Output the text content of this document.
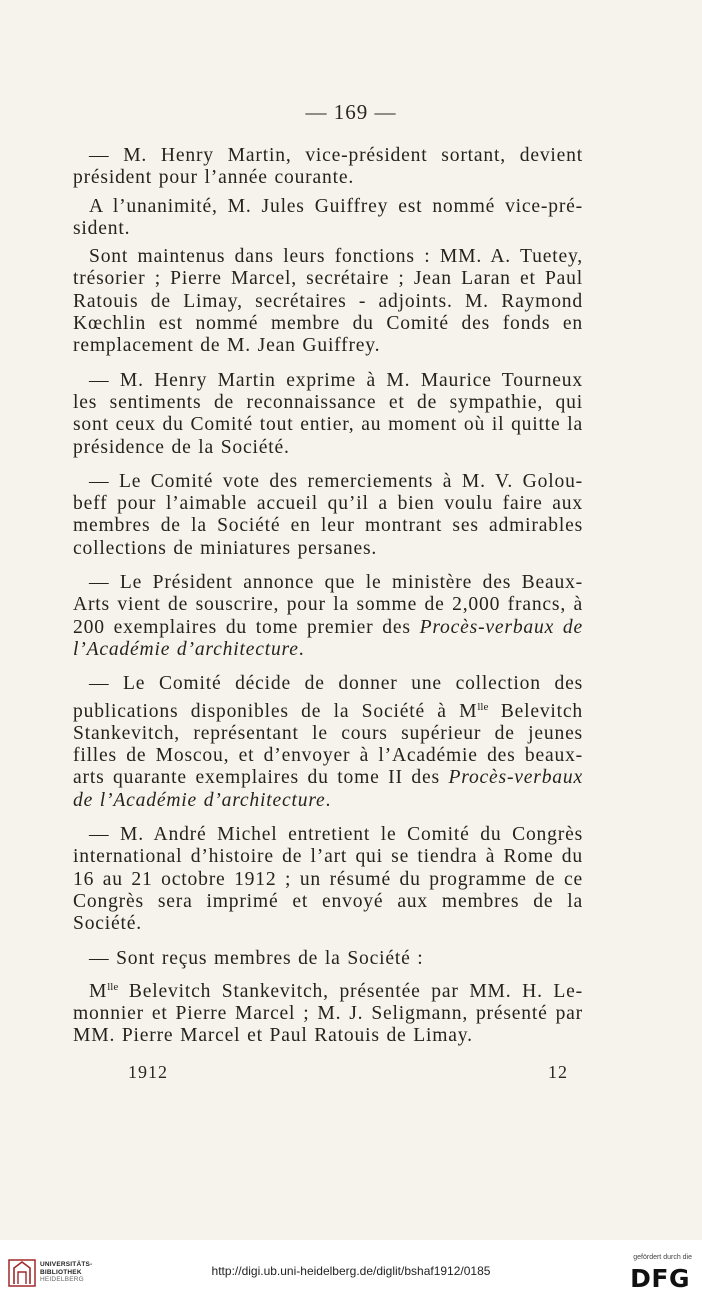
— 169 —

— M. Henry Martin, vice-président sortant, devient président pour l’année courante.

A l’unanimité, M. Jules Guiffrey est nommé vice-pré-sident.

Sont maintenus dans leurs fonctions : MM. A. Tuetey, trésorier ; Pierre Marcel, secrétaire ; Jean Laran et Paul Ratouis de Limay, secrétaires - adjoints. M. Raymond Kœchlin est nommé membre du Comité des fonds en remplacement de M. Jean Guiffrey.

— M. Henry Martin exprime à M. Maurice Tourneux les sentiments de reconnaissance et de sympathie, qui sont ceux du Comité tout entier, au moment où il quitte la présidence de la Société.

— Le Comité vote des remerciements à M. V. Golou-beff pour l’aimable accueil qu’il a bien voulu faire aux membres de la Société en leur montrant ses admirables collections de miniatures persanes.

— Le Président annonce que le ministère des Beaux-Arts vient de souscrire, pour la somme de 2,000 francs, à 200 exemplaires du tome premier des Procès-verbaux de l’Académie d’architecture.

— Le Comité décide de donner une collection des publications disponibles de la Société à $M^{lle}$ Belevitch Stankevitch, représentant le cours supérieur de jeunes filles de Moscou, et d’envoyer à l’Académie des beaux-arts quarante exemplaires du tome II des Procès-verbaux de l’Académie d’architecture.

— M. André Michel entretient le Comité du Congrès international d’histoire de l’art qui se tiendra à Rome du 16 au 21 octobre 1912 ; un résumé du programme de ce Congrès sera imprimé et envoyé aux membres de la Société.

— Sont reçus membres de la Société :

$M^{lle}$ Belevitch Stankevitch, présentée par MM. H. Le-monnier et Pierre Marcel ; M. J. Seligmann, présenté par MM. Pierre Marcel et Paul Ratouis de Limay.

1912	12
UNIVERSITÄTS-
BIBLIOTHEK
HEIDELBERG
http://digi.ub.uni-heidelberg.de/diglit/bshaf1912/0185
gefördert durch die
DFG
